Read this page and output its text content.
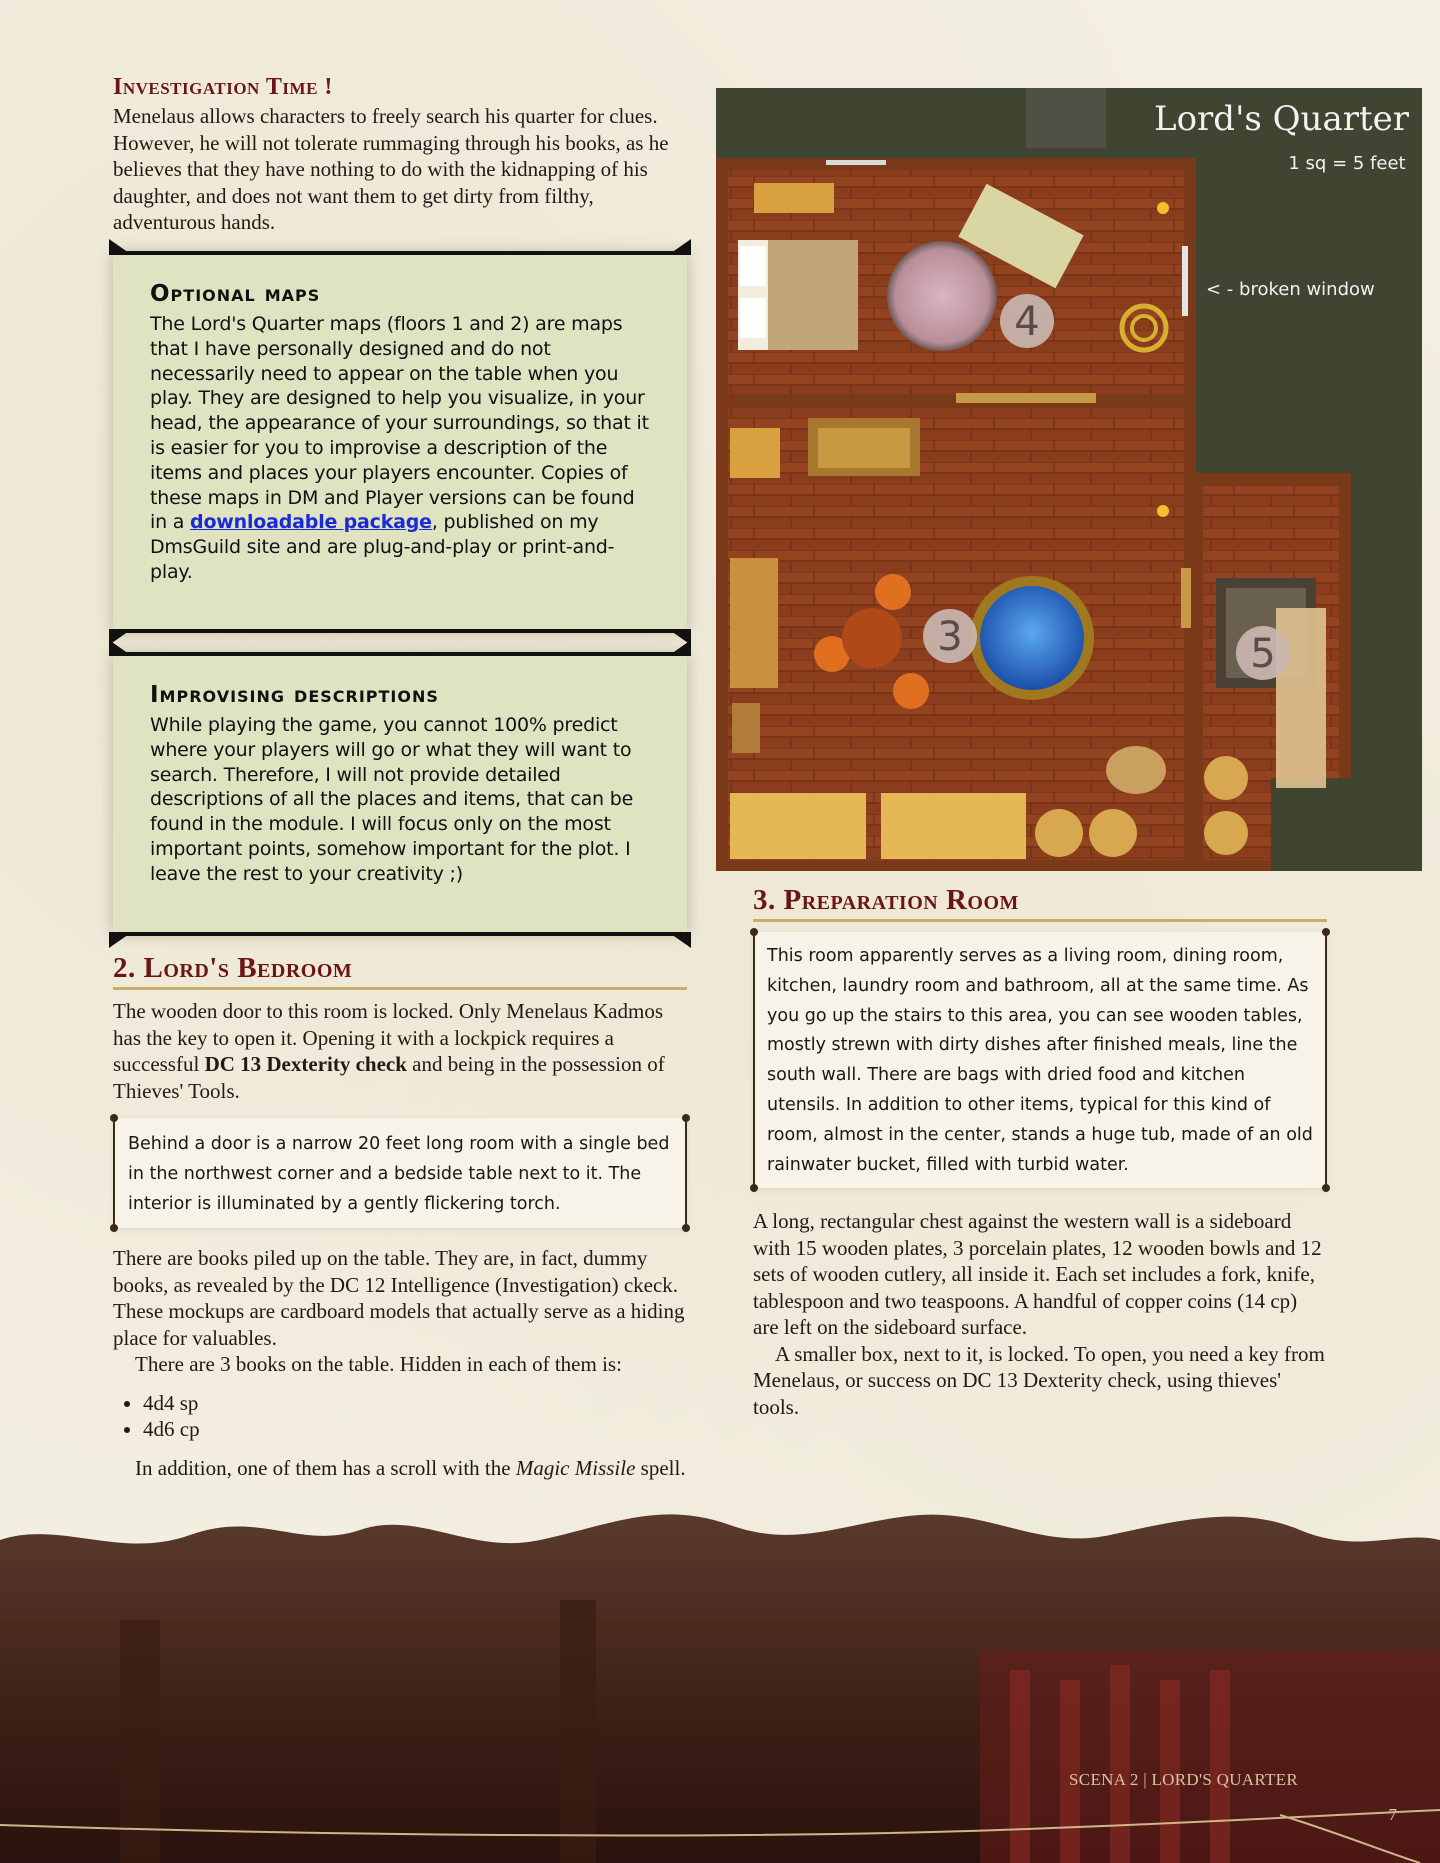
Investigation Time !

Menelaus allows characters to freely search his quarter for clues. However, he will not tolerate rummaging through his books, as he believes that they have nothing to do with the kidnapping of his daughter, and does not want them to get dirty from filthy, adventurous hands.

Optional maps

The Lord's Quarter maps (floors 1 and 2) are maps that I have personally designed and do not necessarily need to appear on the table when you play. They are designed to help you visualize, in your head, the appearance of your surroundings, so that it is easier for you to improvise a description of the items and places your players encounter. Copies of these maps in DM and Player versions can be found in a downloadable package, published on my DmsGuild site and are plug-and-play or print-and-play.

Improvising descriptions

While playing the game, you cannot 100% predict where your players will go or what they will want to search. Therefore, I will not provide detailed descriptions of all the places and items, that can be found in the module. I will focus only on the most important points, somehow important for the plot. I leave the rest to your creativity ;)

2. Lord's Bedroom

The wooden door to this room is locked. Only Menelaus Kadmos has the key to open it. Opening it with a lockpick requires a successful DC 13 Dexterity check and being in the possession of Thieves' Tools.

Behind a door is a narrow 20 feet long room with a single bed in the northwest corner and a bedside table next to it. The interior is illuminated by a gently flickering torch.

There are books piled up on the table. They are, in fact, dummy books, as revealed by the DC 12 Intelligence (Investigation) ckeck. These mockups are cardboard models that actually serve as a hiding place for valuables.

There are 3 books on the table. Hidden in each of them is:

• 4d4 sp
• 4d6 cp

In addition, one of them has a scroll with the Magic Missile spell.

4
3	5
Lord's Quarter
1 sq = 5 feet
< - broken window
3. Preparation Room
This room apparently serves as a living room, dining room, kitchen, laundry room and bathroom, all at the same time. As you go up the stairs to this area, you can see wooden tables, mostly strewn with dirty dishes after finished meals, line the south wall. There are bags with dried food and kitchen utensils. In addition to other items, typical for this kind of room, almost in the center, stands a huge tub, made of an old rainwater bucket, filled with turbid water.

A long, rectangular chest against the western wall is a sideboard with 15 wooden plates, 3 porcelain plates, 12 wooden bowls and 12 sets of wooden cutlery, all inside it. Each set includes a fork, knife, tablespoon and two teaspoons. A handful of copper coins (14 cp) are left on the sideboard surface.

A smaller box, next to it, is locked. To open, you need a key from Menelaus, or success on DC 13 Dexterity check, using thieves' tools.

SCENA 2 | LORD'S QUARTER
7
